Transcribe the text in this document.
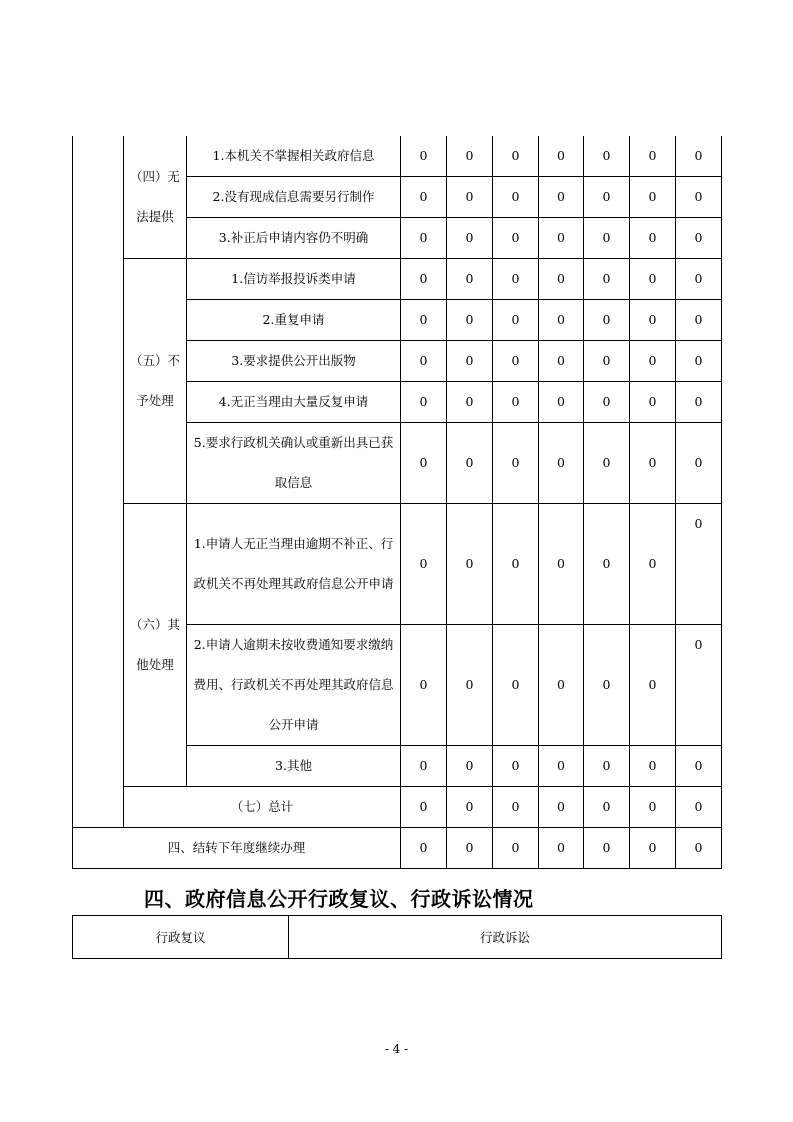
	（四）无法提供	1.本机关不掌握相关政府信息	0	0	0	0	0	0	0
		2.没有现成信息需要另行制作	0	0	0	0	0	0	0
		3.补正后申请内容仍不明确	0	0	0	0	0	0	0
	（五）不予处理	1.信访举报投诉类申请	0	0	0	0	0	0	0
		2.重复申请	0	0	0	0	0	0	0
		3.要求提供公开出版物	0	0	0	0	0	0	0
		4.无正当理由大量反复申请	0	0	0	0	0	0	0
		5.要求行政机关确认或重新出具已获取信息	0	0	0	0	0	0	0
	（六）其他处理	1.申请人无正当理由逾期不补正、行政机关不再处理其政府信息公开申请	0	0	0	0	0	0	0
		2.申请人逾期未按收费通知要求缴纳费用、行政机关不再处理其政府信息公开申请	0	0	0	0	0	0	0
		3.其他	0	0	0	0	0	0	0
	（七）总计		0	0	0	0	0	0	0
四、结转下年度继续办理			0	0	0	0	0	0	0
四、政府信息公开行政复议、行政诉讼情况
行政复议	行政诉讼
- 4 -
